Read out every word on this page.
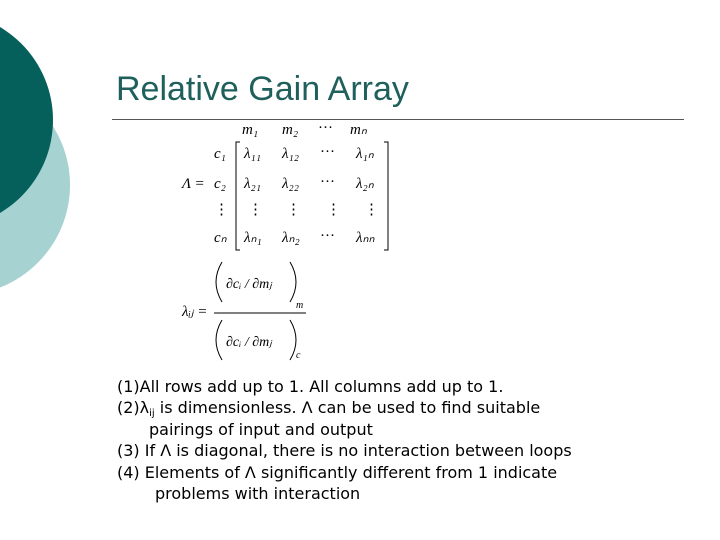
Relative Gain Array
m₁ m₂ ··· mₙ
Λ =
c₁
c₂
⋮
cₙ
λ₁₁ λ₁₂ ··· λ₁ₙ
λ₂₁ λ₂₂ ··· λ₂ₙ
⋮ ⋮ ⋮ ⋮
λₙ₁ λₙ₂ ··· λₙₙ
λᵢⱼ =
∂cᵢ / ∂mⱼ
m
∂cᵢ / ∂mⱼ
c
(1)All rows add up to 1. All columns add up to 1.
$(2)\lambda_{ij}$ is dimensionless. Λ can be used to find suitable
pairings of input and output
(3) If Λ is diagonal, there is no interaction between loops
(4) Elements of Λ significantly different from 1 indicate
problems with interaction
